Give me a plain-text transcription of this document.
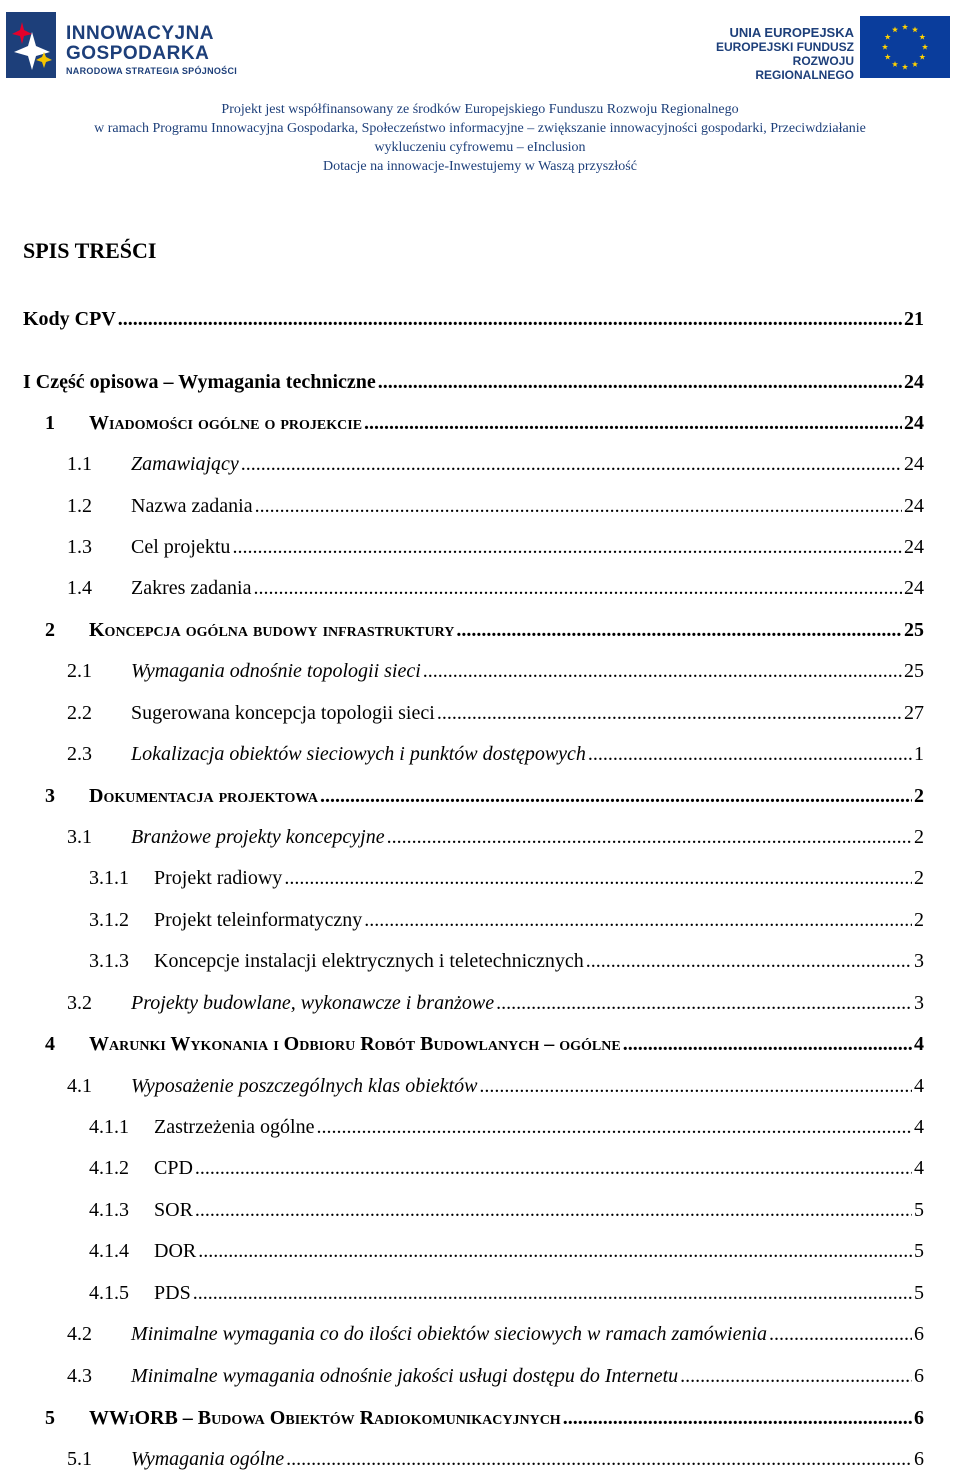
INNOWACYJNA
GOSPODARKA
NARODOWA STRATEGIA SPÓJNOŚCI
UNIA EUROPEJSKA
EUROPEJSKI FUNDUSZ
ROZWOJU REGIONALNEGO
Projekt jest współfinansowany ze środków Europejskiego Funduszu Rozwoju Regionalnego
w ramach Programu Innowacyjna Gospodarka, Społeczeństwo informacyjne – zwiększanie innowacyjności gospodarki, Przeciwdziałanie
wykluczeniu cyfrowemu – eInclusion
Dotacje na innowacje-Inwestujemy w Waszą przyszłość
SPIS TREŚCI
Kody CPV .....	21
I Część opisowa – Wymagania techniczne .....	24
1	Wiadomości ogólne o projekcie .....	24
1.1	Zamawiający .....	24
1.2	Nazwa zadania .....	24
1.3	Cel projektu .....	24
1.4	Zakres zadania .....	24
2	Koncepcja ogólna budowy infrastruktury .....	25
2.1	Wymagania odnośnie topologii sieci .....	25
2.2	Sugerowana koncepcja topologii sieci .....	27
2.3	Lokalizacja obiektów sieciowych i punktów dostępowych .....	1
3	Dokumentacja projektowa .....	2
3.1	Branżowe projekty koncepcyjne .....	2
3.1.1	Projekt radiowy .....	2
3.1.2	Projekt teleinformatyczny .....	2
3.1.3	Koncepcje instalacji elektrycznych i teletechnicznych .....	3
3.2	Projekty budowlane, wykonawcze i branżowe .....	3
4	Warunki Wykonania i Odbioru Robót Budowlanych – ogólne .....	4
4.1	Wyposażenie poszczególnych klas obiektów .....	4
4.1.1	Zastrzeżenia ogólne .....	4
4.1.2	CPD .....	4
4.1.3	SOR .....	5
4.1.4	DOR .....	5
4.1.5	PDS .....	5
4.2	Minimalne wymagania co do ilości obiektów sieciowych w ramach zamówienia .....	6
4.3	Minimalne wymagania odnośnie jakości usługi dostępu do Internetu .....	6
5	WWiORB – Budowa Obiektów Radiokomunikacyjnych .....	6
5.1	Wymagania ogólne .....	6
